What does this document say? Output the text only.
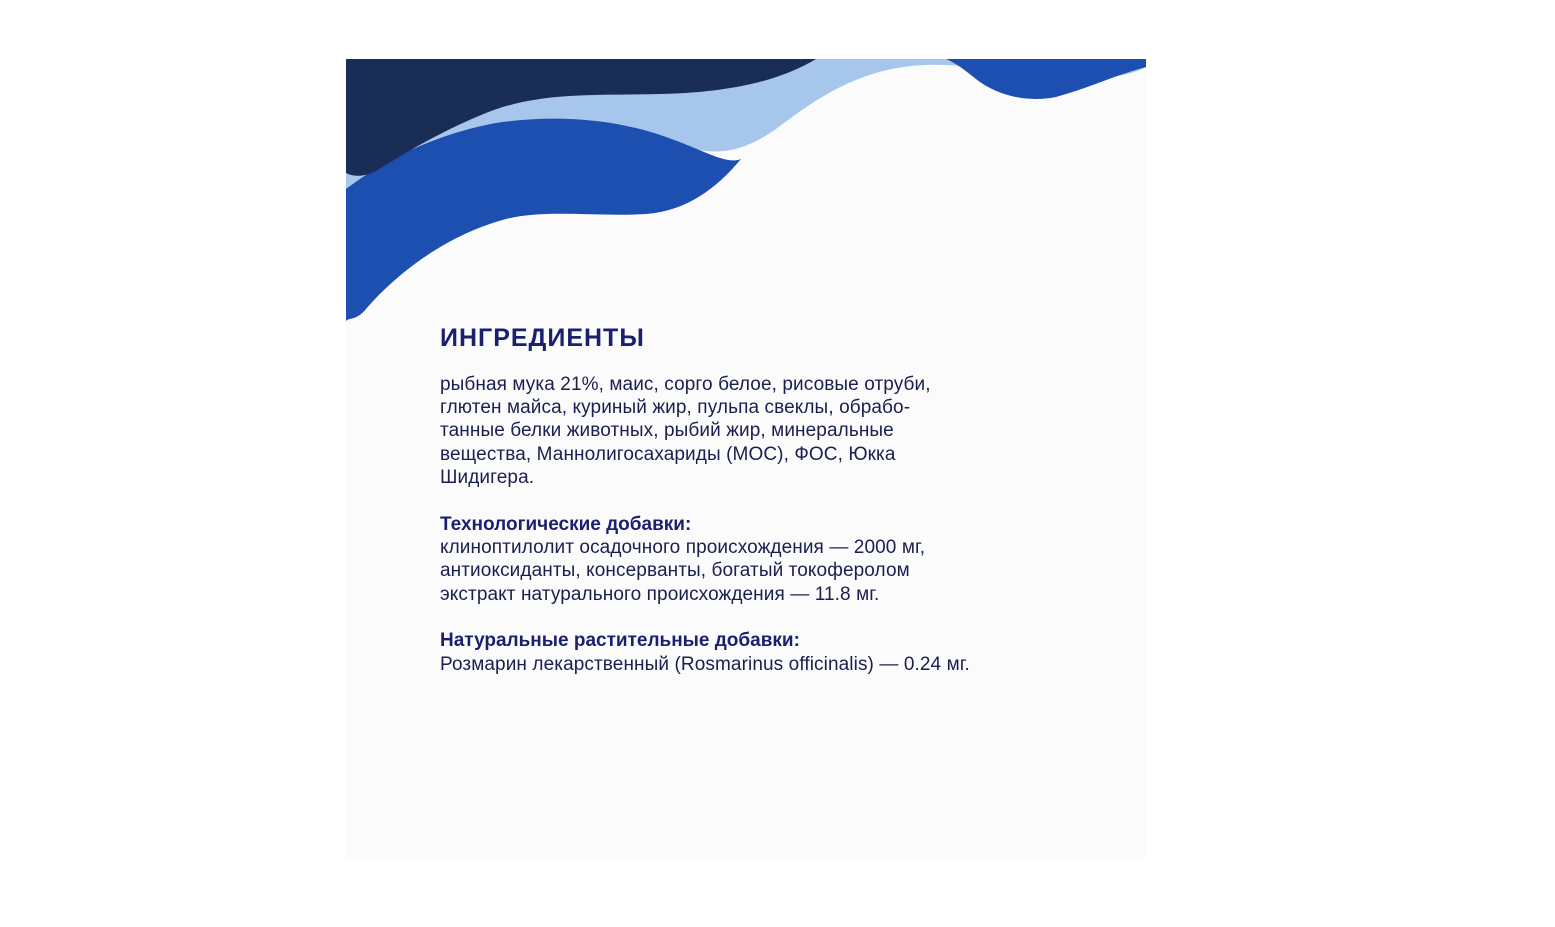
ИНГРЕДИЕНТЫ

рыбная мука 21%, маис, сорго белое, рисовые отруби,
глютен майса, куриный жир, пульпа свеклы, обрабо-
танные белки животных, рыбий жир, минеральные
вещества, Маннолигосахариды (МОС), ФОС, Юкка
Шидигера.

Технологические добавки:

клиноптилолит осадочного происхождения — 2000 мг,
антиоксиданты, консерванты, богатый токоферолом
экстракт натурального происхождения — 11.8 мг.

Натуральные растительные добавки:

Розмарин лекарственный (Rosmarinus officinalis) — 0.24 мг.
